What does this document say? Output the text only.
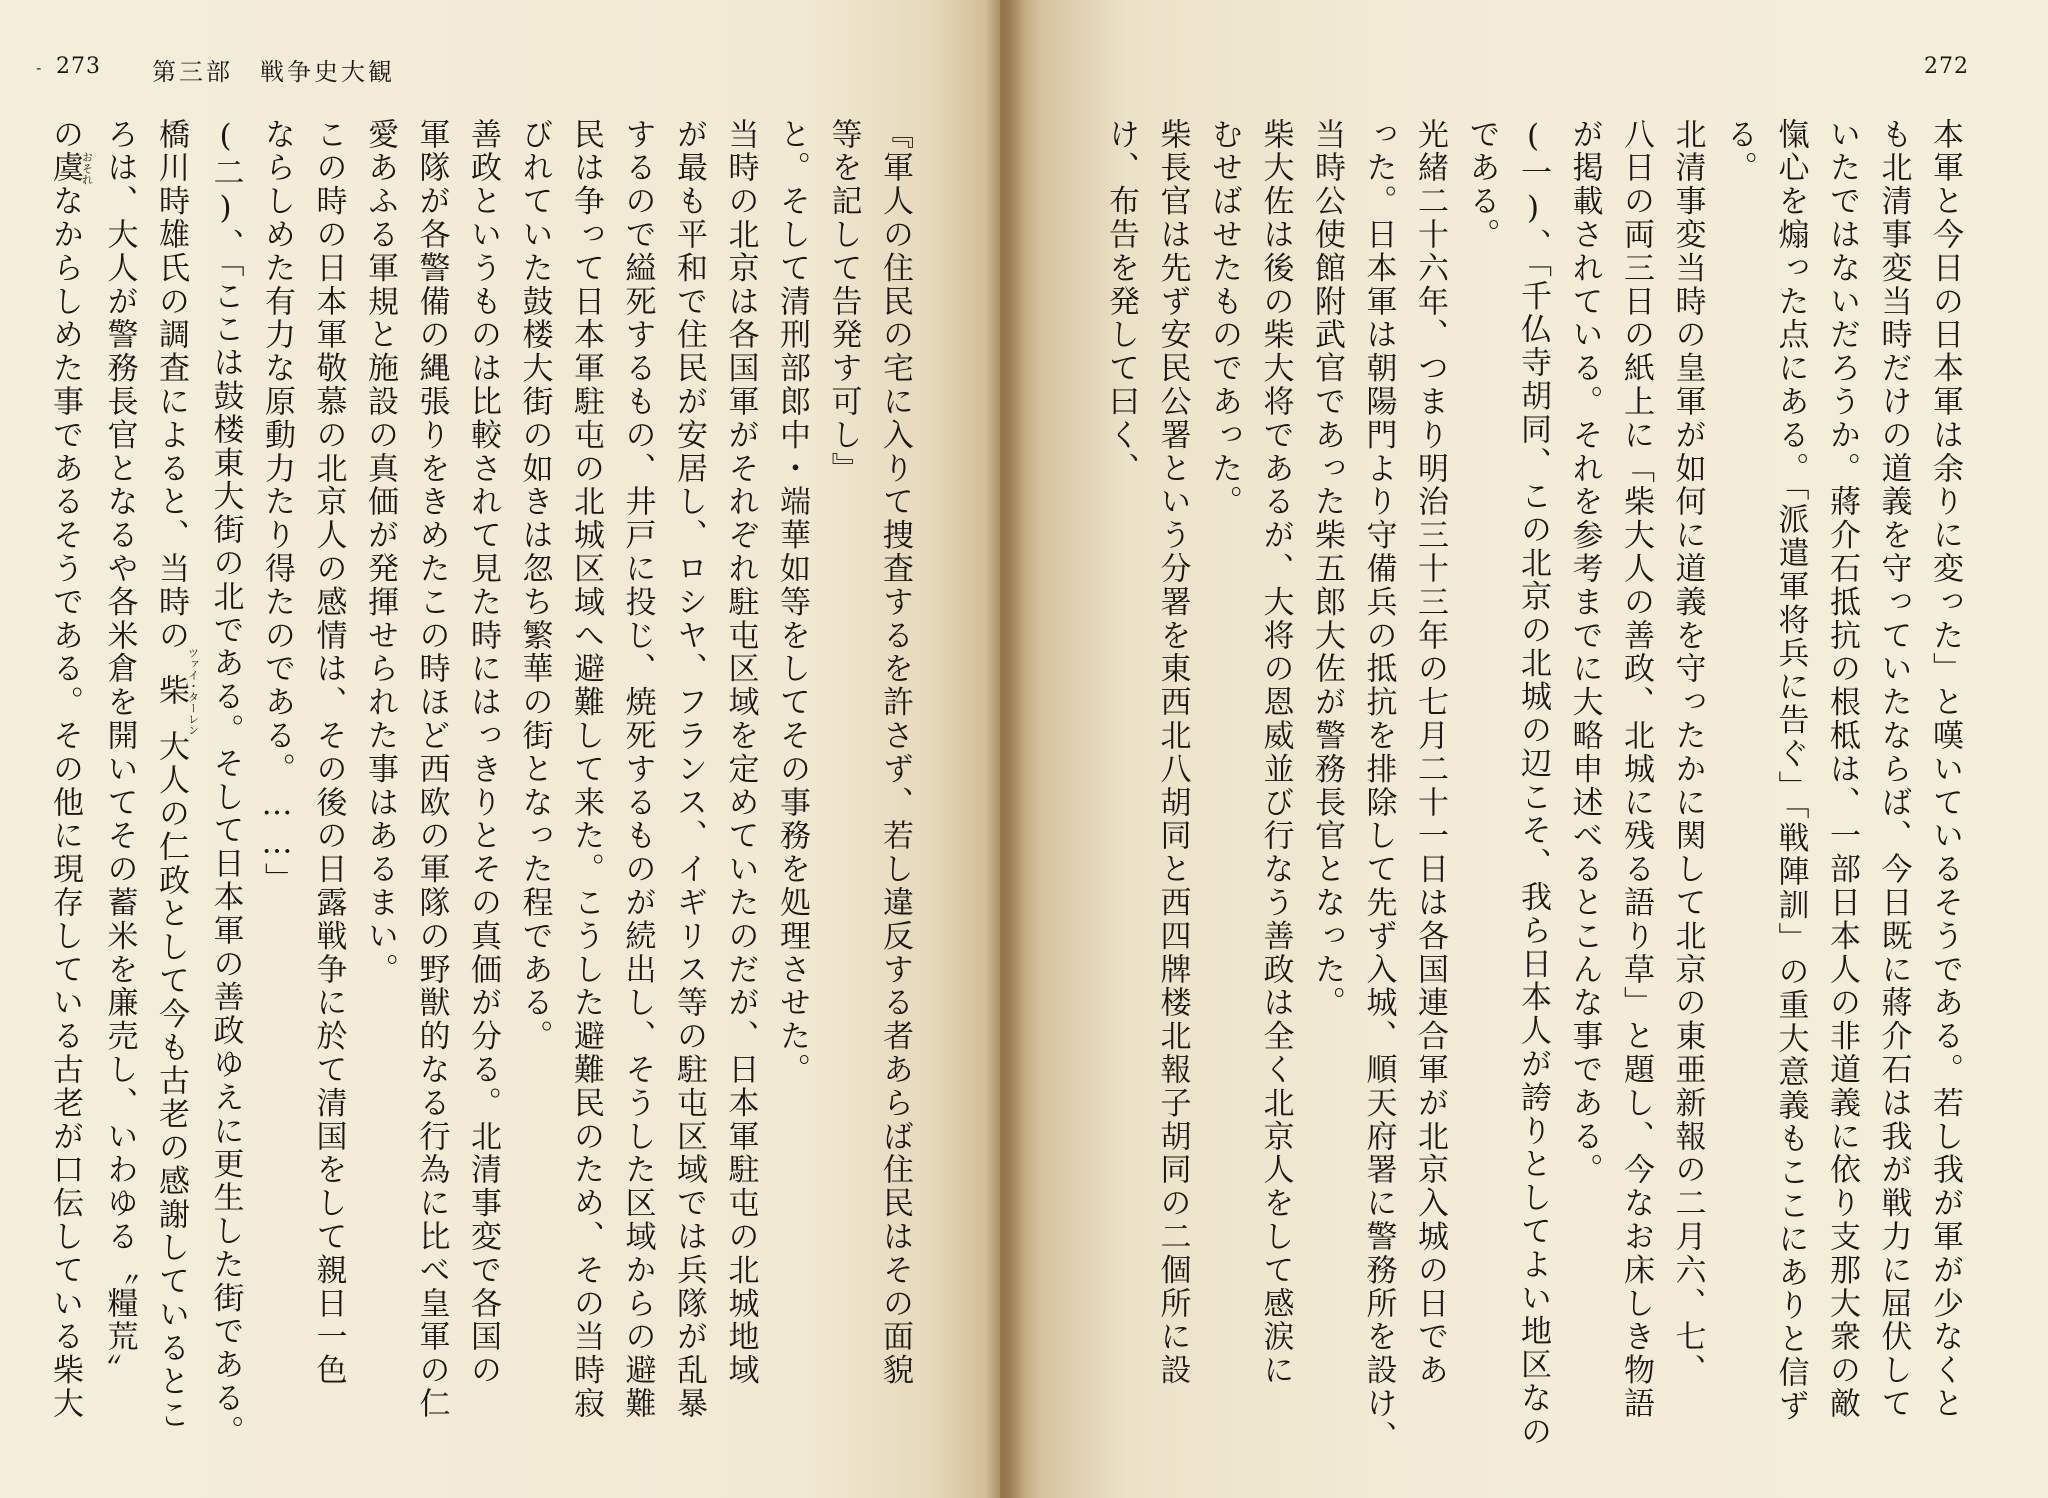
- 273 第三部　戦争史大観
『軍人の住民の宅に入りて捜査するを許さず、若し違反する者あらば住民はその面貌
等を記して告発す可し』
と。そして清刑部郎中・端華如等をしてその事務を処理させた。
当時の北京は各国軍がそれぞれ駐屯区域を定めていたのだが、日本軍駐屯の北城地域
が最も平和で住民が安居し、ロシヤ、フランス、イギリス等の駐屯区域では兵隊が乱暴
するので縊死するもの、井戸に投じ、焼死するものが続出し、そうした区域からの避難
民は争って日本軍駐屯の北城区域へ避難して来た。こうした避難民のため、その当時寂
びれていた鼓楼大街の如きは忽ち繁華の街となった程である。
善政というものは比較されて見た時にはっきりとその真価が分る。北清事変で各国の
軍隊が各警備の縄張りをきめたこの時ほど西欧の軍隊の野獣的なる行為に比べ皇軍の仁
愛あふる軍規と施設の真価が発揮せられた事はあるまい。
この時の日本軍敬慕の北京人の感情は、その後の日露戦争に於て清国をして親日一色
ならしめた有力な原動力たり得たのである。……」
(二)、「ここは鼓楼東大街の北である。そして日本軍の善政ゆえに更生した街である。
橋川時雄氏の調査によると、当時の柴ツァイ・ターレン大人の仁政として今も古老の感謝しているとこ
ろは、大人が警務長官となるや各米倉を開いてその蓄米を廉売し、いわゆる〝糧荒〟
の虞おそれなからしめた事であるそうである。その他に現存している古老が口伝している柴大
272
本軍と今日の日本軍は余りに変った」と嘆いているそうである。若し我が軍が少なくと
も北清事変当時だけの道義を守っていたならば、今日既に蔣介石は我が戦力に屈伏して
いたではないだろうか。蔣介石抵抗の根柢は、一部日本人の非道義に依り支那大衆の敵
愾心を煽った点にある。「派遣軍将兵に告ぐ」「戦陣訓」の重大意義もここにありと信ず
る。
北清事変当時の皇軍が如何に道義を守ったかに関して北京の東亜新報の二月六、七、
八日の両三日の紙上に「柴大人の善政、北城に残る語り草」と題し、今なお床しき物語
が掲載されている。それを参考までに大略申述べるとこんな事である。
(一)、「千仏寺胡同、この北京の北城の辺こそ、我ら日本人が誇りとしてよい地区なの
である。
光緒二十六年、つまり明治三十三年の七月二十一日は各国連合軍が北京入城の日であ
った。日本軍は朝陽門より守備兵の抵抗を排除して先ず入城、順天府署に警務所を設け、
当時公使館附武官であった柴五郎大佐が警務長官となった。
柴大佐は後の柴大将であるが、大将の恩威並び行なう善政は全く北京人をして感涙に
むせばせたものであった。
柴長官は先ず安民公署という分署を東西北八胡同と西四牌楼北報子胡同の二個所に設
け、布告を発して曰く、
